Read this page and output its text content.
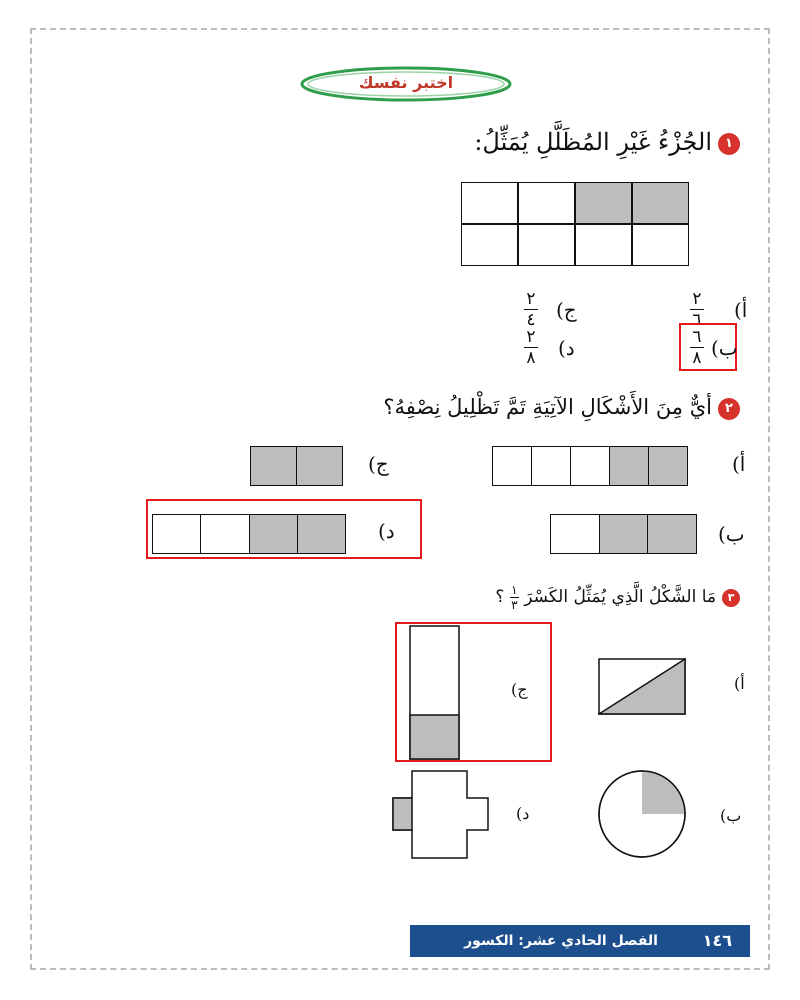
اختبر نفسك
١الجُزْءُ غَيْرِ المُظَلَّلِ يُمَثِّلُ:
٢
٦ أ)
٦
٨ ب)
٢
٤ ج)
٢
٨ د)
٢أيٌّ مِنَ الأَشْكَالِ الآتِيَةِ تَمَّ تَظْلِيلُ نِصْفِهُ؟
أ)
ج)
ب)
د)
٣مَا الشَّكْلُ الَّذِي يُمَثِّلُ الكَسْرَ
$\frac{١}{٣}$
؟
أ)
ج)
ب)
د)
١٤٦
الفصل الحادي عشر: الكسور
